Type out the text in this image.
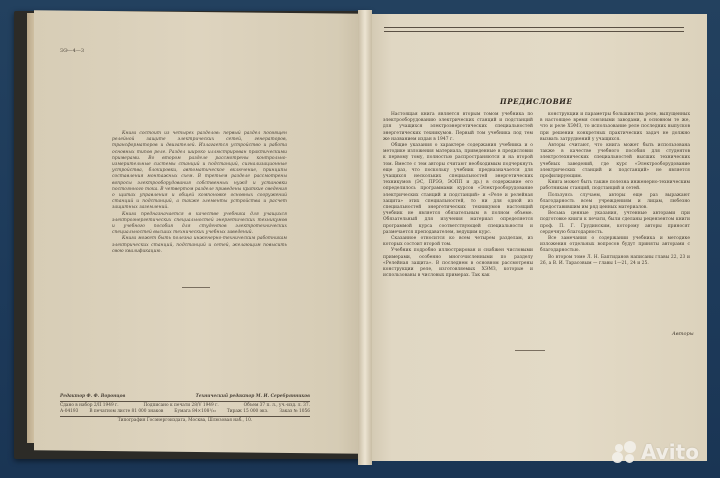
ЭЭ—4—3

Книга состоит из четырех разделов: первый раздел посвящен релейной защите электрических сетей, генераторов, трансформаторов и двигателей. Излагается устройство и работа основных типов реле. Раздел широко иллюстрирован практическими примерами. Во втором разделе рассмотрены контрольно-измерительные системы станций и подстанций, сигнализационные устройства, блокировки, автоматическое включение, принципы составления монтажных схем. В третьем разделе рассмотрены вопросы электрооборудования собственных нужд и установки постоянного тока. В четвертом разделе приведены краткие сведения о щитах управления и общей компоновке основных сооружений станций и подстанций, а также элементы устройства и расчет защитных заземлений.

Книга предназначается в качестве учебника для учащихся электроэнергетических специальностей энергетических техникумов и учебного пособия для студентов электротехнических специальностей высших технических учебных заведений.

Книга может быть полезна инженерно-техническим работникам электрических станций, подстанций и сетей, желающим повысить свою квалификацию.

Редактор Ф. Ф. Воронцов	Технический редактор М. И. Серебрянников
Сдано в набор 2/II 1949 г.	Подписано к печати 28/V 1949 г.	Объем 37 п. л., уч.-изд. л. 37.
А-04193	В печатном листе 81 000 знаков	Бумага 84×108¹/₃₂	Тираж 15 000 экз.	Заказ № 1056
Типография Госэнергоиздата, Москва, Шлюзовая наб., 10.
ПРЕДИСЛОВИЕ

Настоящая книга является вторым томом учебника по электрооборудованию электрических станций и подстанций для учащихся электроэнергетических специальностей энергетических техникумов. Первый том учебника под тем же названием издан в 1947 г.

Общие указания о характере содержания учебника и о методике изложения материала, приведенные в предисловии к первому тому, полностью распространяются и на второй том. Вместе с тем авторы считают необходимым подчеркнуть еще раз, что поскольку учебник предназначается для учащихся нескольких специальностей энергетических техникумов (ЭС, ПРЭЭ, ЭОПП и др.) в содержание его определилось программами курсов «Электрооборудование электрических станций и подстанций» и «Реле и релейная защита» этих специальностей, то ни для одной из специальностей энергетических техникумов настоящий учебник не является обязательным в полном объеме. Обязательный для изучения материал определяется программой курса соответствующей специальности и размечается преподавателем, ведущим курс.

Сказанное относится ко всем четырем разделам, из которых состоит второй том.

Учебник подробно иллюстрирован и снабжен числовыми примерами, особенно многочисленными по разделу «Релейная защита». В последнем в основном рассмотрены конструкции реле, изготовляемых ХЭМЗ, которые и использованы в числовых примерах. Так как

конструкции и параметры большинства реле, выпущенных в настоящее время союзными заводами, в основном те же, что и реле ХЭМЗ, то использование реле последних выпусков при решении конкретных практических задач не должно вызвать затруднений у учащихся.

Авторы считают, что книга может быть использована также в качестве учебного пособия для студентов электротехнических специальностей высших технических учебных заведений, где курс «Электрооборудование электрических станций и подстанций» не является профилирующим.

Книга может быть также полезна инженерно-техническим работникам станций, подстанций и сетей.

Пользуясь случаем, авторы еще раз выражают благодарность всем учреждениям и лицам, любезно предоставившим им ряд ценных материалов.

Весьма ценные указания, учтенные авторами при подготовке книги к печати, были сделаны рецензентом книги проф. П. Г. Грудинским, которому авторы приносят сердечную благодарность.

Все замечания о содержании учебника и методике изложения отдельных вопросов будут приняты авторами с благодарностью.

Во втором томе Л. Н. Баптиданов написаны главы 22, 23 и 26, а В. И. Тарасовым — главы 1—21, 24 и 25.

Авторы
Avito
